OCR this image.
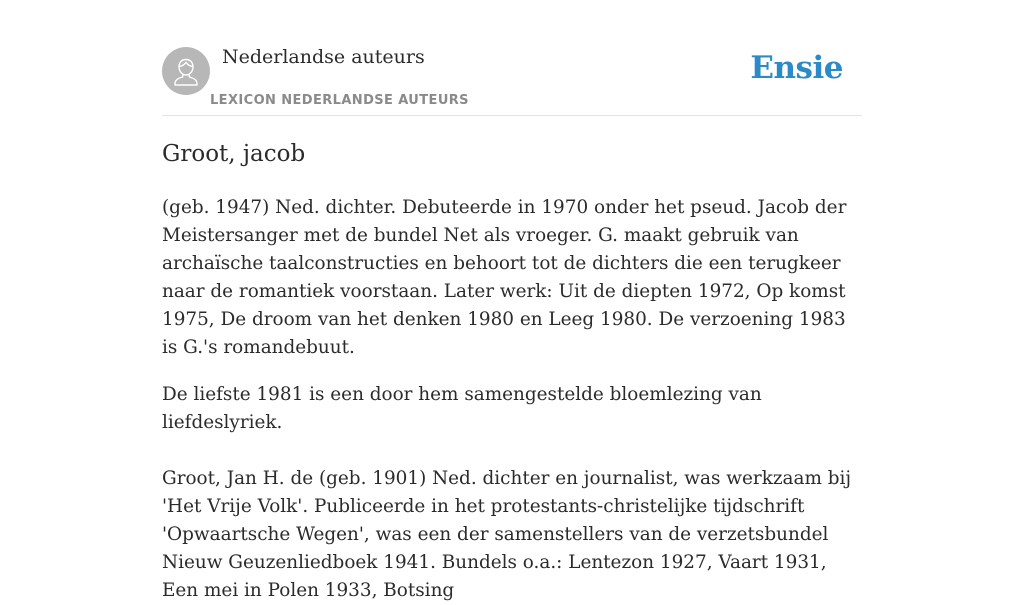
Nederlandse auteurs
LEXICON NEDERLANDSE AUTEURS
Ensie
Groot, jacob

(geb. 1947) Ned. dichter. Debuteerde in 1970 onder het pseud. Jacob der Meistersanger met de bundel Net als vroeger. G. maakt gebruik van archaïsche taalconstructies en behoort tot de dichters die een terugkeer naar de romantiek voorstaan. Later werk: Uit de diepten 1972, Op komst 1975, De droom van het denken 1980 en Leeg 1980. De verzoening 1983 is G.'s romandebuut.

De liefste 1981 is een door hem samengestelde bloemlezing van liefdeslyriek.

Groot, Jan H. de (geb. 1901) Ned. dichter en journalist, was werkzaam bij 'Het Vrije Volk'. Publiceerde in het protestants-christelijke tijdschrift 'Opwaartsche Wegen', was een der samenstellers van de verzetsbundel Nieuw Geuzenliedboek 1941. Bundels o.a.: Lentezon 1927, Vaart 1931, Een mei in Polen 1933, Botsing
